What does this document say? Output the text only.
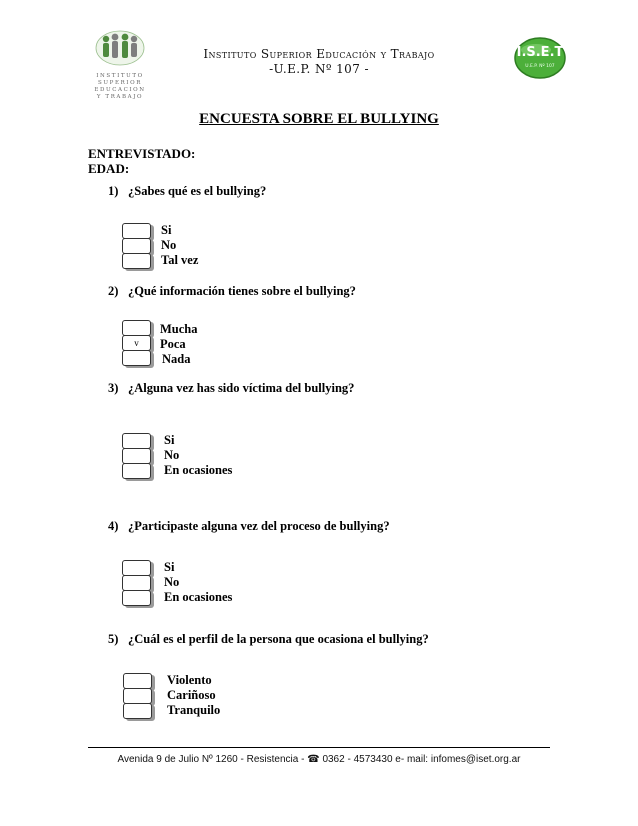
INSTITUTO
SUPERIOR
EDUCACION
Y TRABAJO
Instituto Superior Educación y Trabajo
-U.E.P. Nº 107 -
I.S.E.T
U.E.P. Nº 107
ENCUESTA SOBRE EL BULLYING
ENTREVISTADO:
EDAD:
1) ¿Sabes qué es el bullying?
Si
No
Tal vez
2) ¿Qué información tienes sobre el bullying?
v
Mucha
Poca
Nada
3) ¿Alguna vez has sido víctima del bullying?
Si
No
En ocasiones
4) ¿Participaste alguna vez del proceso de bullying?
Si
No
En ocasiones
5) ¿Cuál es el perfil de la persona que ocasiona el bullying?
Violento
Cariñoso
Tranquilo
Avenida 9 de Julio Nº 1260 - Resistencia - ☎ 0362 - 4573430 e- mail: infomes@iset.org.ar
